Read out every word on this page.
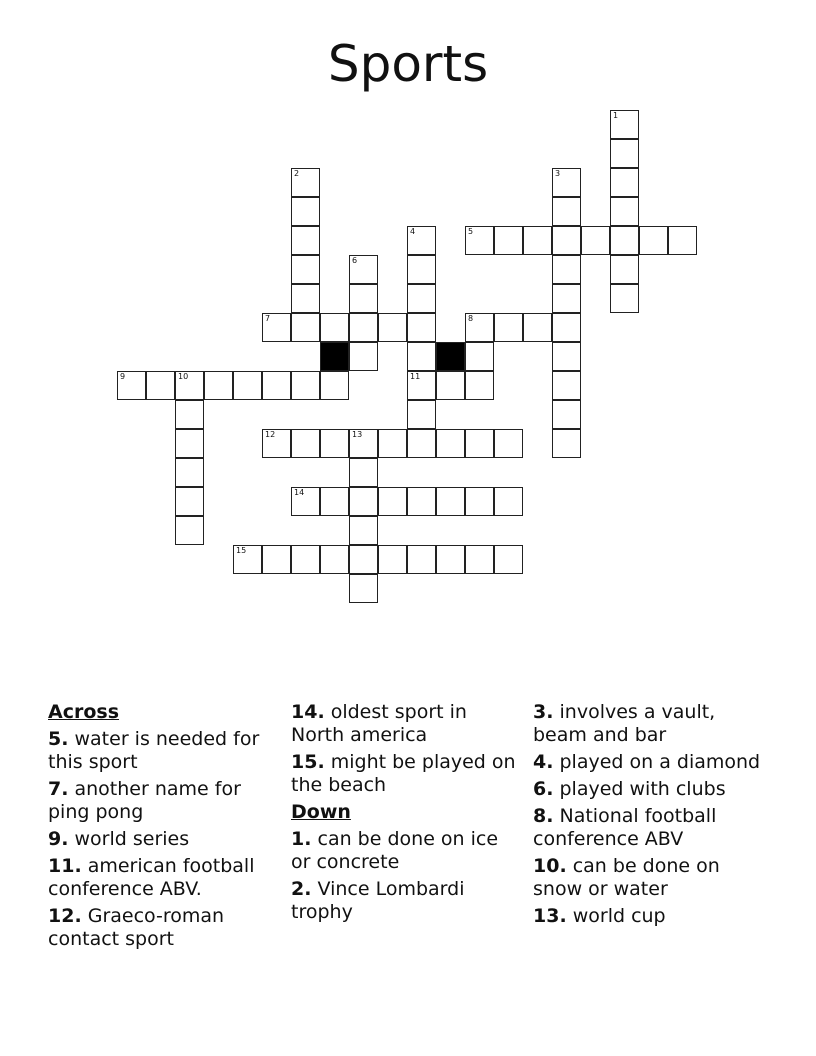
Sports
1
2	3
4
11
5
6
7	8
9	10
12	13
14
15
Across
5. water is needed for this sport
7. another name for ping pong
9. world series
11. american football conference ABV.
12. Graeco-roman contact sport
14. oldest sport in North america
15. might be played on the beach
Down
1. can be done on ice or concrete
2. Vince Lombardi trophy
3. involves a vault, beam and bar
4. played on a diamond
6. played with clubs
8. National football conference ABV
10. can be done on snow or water
13. world cup
